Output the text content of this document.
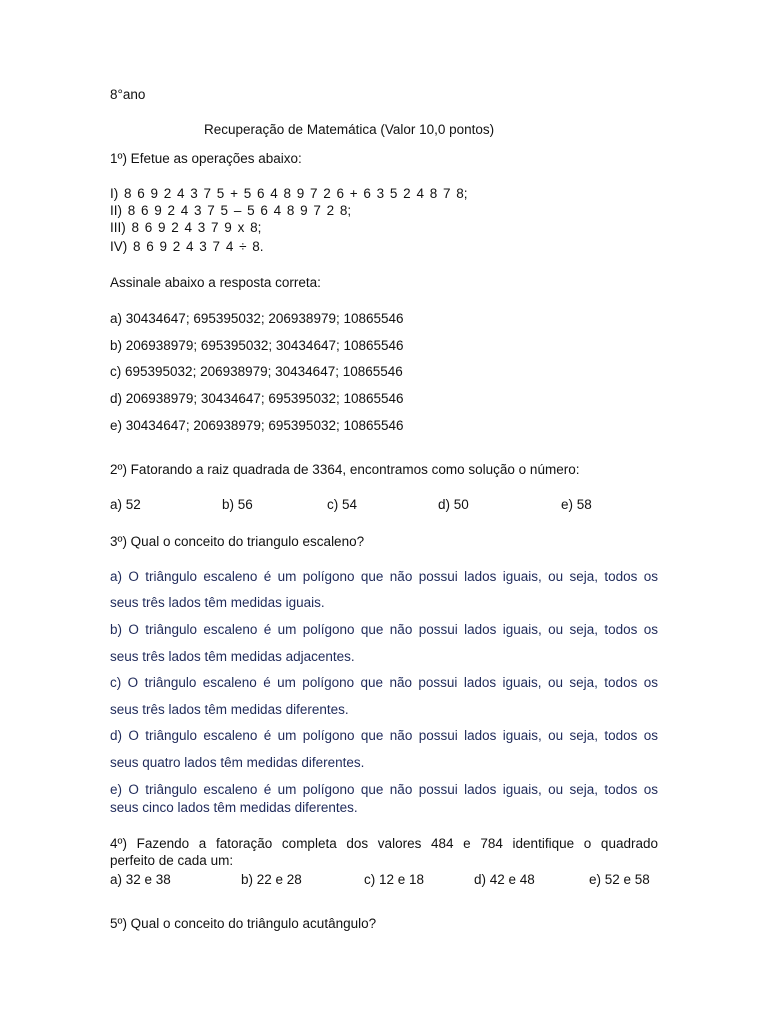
8°ano
Recuperação de Matemática (Valor 10,0 pontos)
1º) Efetue as operações abaixo:
I) 8 6 9 2 4 3 7 5 + 5 6 4 8 9 7 2 6 + 6 3 5 2 4 8 7 8;
II) 8 6 9 2 4 3 7 5 – 5 6 4 8 9 7 2 8;
III) 8 6 9 2 4 3 7 9 x 8;
IV) 8 6 9 2 4 3 7 4 ÷ 8.
Assinale abaixo a resposta correta:
a) 30434647; 695395032; 206938979; 10865546
b) 206938979; 695395032; 30434647; 10865546
c) 695395032; 206938979; 30434647; 10865546
d) 206938979; 30434647; 695395032; 10865546
e) 30434647; 206938979; 695395032; 10865546
2º) Fatorando a raiz quadrada de 3364, encontramos como solução o número:
a) 52	b) 56	c) 54	d) 50	e) 58
3º) Qual o conceito do triangulo escaleno?
a) O triângulo escaleno é um polígono que não possui lados iguais, ou seja, todos os
seus três lados têm medidas iguais.
b) O triângulo escaleno é um polígono que não possui lados iguais, ou seja, todos os
seus três lados têm medidas adjacentes.
c) O triângulo escaleno é um polígono que não possui lados iguais, ou seja, todos os
seus três lados têm medidas diferentes.
d) O triângulo escaleno é um polígono que não possui lados iguais, ou seja, todos os
seus quatro lados têm medidas diferentes.
e) O triângulo escaleno é um polígono que não possui lados iguais, ou seja, todos os
seus cinco lados têm medidas diferentes.
4º) Fazendo a fatoração completa dos valores 484 e 784 identifique o quadrado
perfeito de cada um:
a) 32 e 38	b) 22 e 28	c) 12 e 18	d) 42 e 48	e) 52 e 58
5º) Qual o conceito do triângulo acutângulo?
